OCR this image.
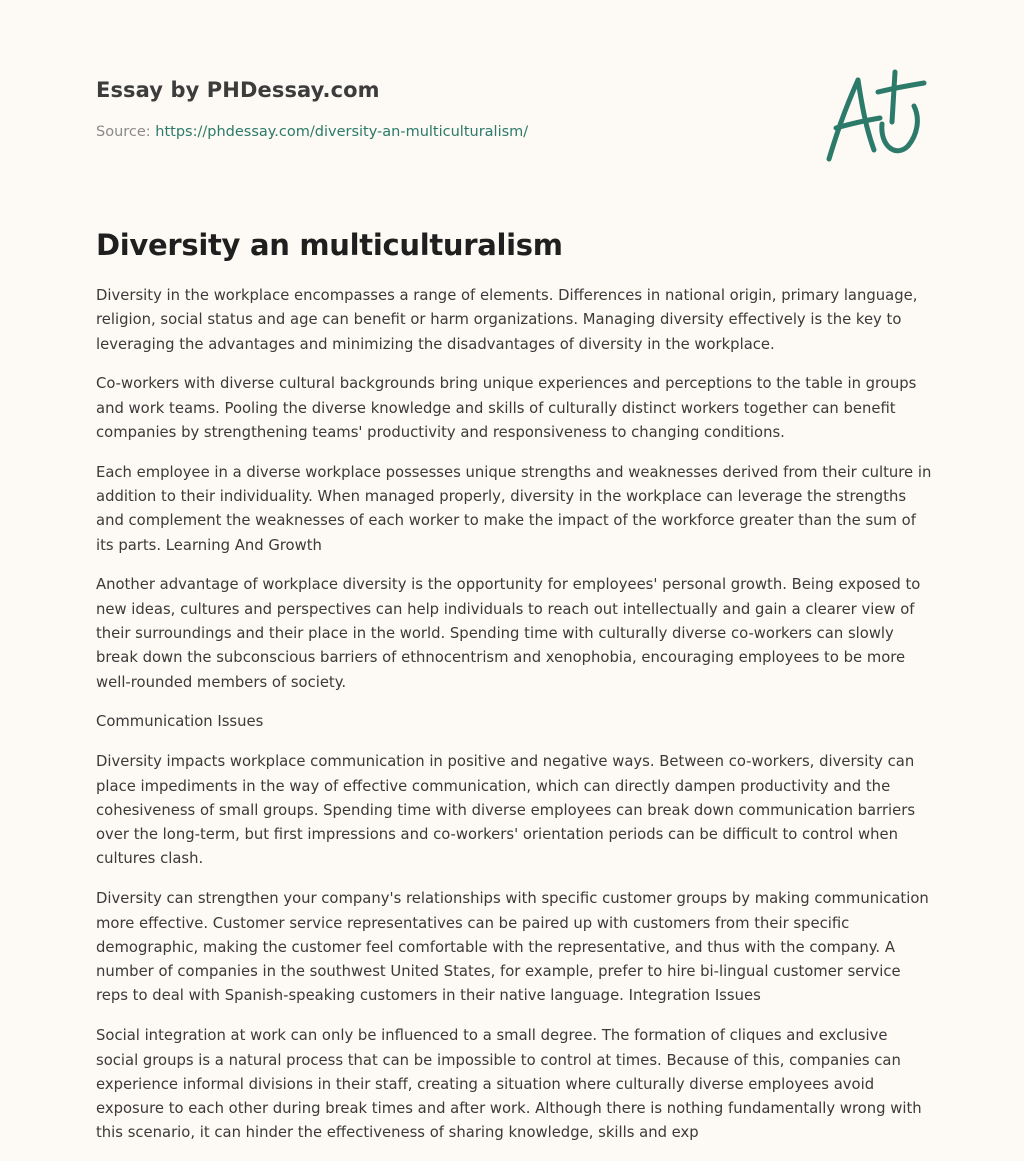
Essay by PHDessay.com
Source: https://phdessay.com/diversity-an-multiculturalism/
Diversity an multiculturalism

Diversity in the workplace encompasses a range of elements. Differences in national origin, primary language, religion, social status and age can benefit or harm organizations. Managing diversity effectively is the key to leveraging the advantages and minimizing the disadvantages of diversity in the workplace.

Co-workers with diverse cultural backgrounds bring unique experiences and perceptions to the table in groups and work teams. Pooling the diverse knowledge and skills of culturally distinct workers together can benefit companies by strengthening teams' productivity and responsiveness to changing conditions.

Each employee in a diverse workplace possesses unique strengths and weaknesses derived from their culture in addition to their individuality. When managed properly, diversity in the workplace can leverage the strengths and complement the weaknesses of each worker to make the impact of the workforce greater than the sum of its parts. Learning And Growth

Another advantage of workplace diversity is the opportunity for employees' personal growth. Being exposed to new ideas, cultures and perspectives can help individuals to reach out intellectually and gain a clearer view of their surroundings and their place in the world. Spending time with culturally diverse co-workers can slowly break down the subconscious barriers of ethnocentrism and xenophobia, encouraging employees to be more well-rounded members of society.

Communication Issues

Diversity impacts workplace communication in positive and negative ways. Between co-workers, diversity can place impediments in the way of effective communication, which can directly dampen productivity and the cohesiveness of small groups. Spending time with diverse employees can break down communication barriers over the long-term, but first impressions and co-workers' orientation periods can be difficult to control when cultures clash.

Diversity can strengthen your company's relationships with specific customer groups by making communication more effective. Customer service representatives can be paired up with customers from their specific demographic, making the customer feel comfortable with the representative, and thus with the company. A number of companies in the southwest United States, for example, prefer to hire bi-lingual customer service reps to deal with Spanish-speaking customers in their native language. Integration Issues

Social integration at work can only be influenced to a small degree. The formation of cliques and exclusive social groups is a natural process that can be impossible to control at times. Because of this, companies can experience informal divisions in their staff, creating a situation where culturally diverse employees avoid exposure to each other during break times and after work. Although there is nothing fundamentally wrong with this scenario, it can hinder the effectiveness of sharing knowledge, skills and exp
